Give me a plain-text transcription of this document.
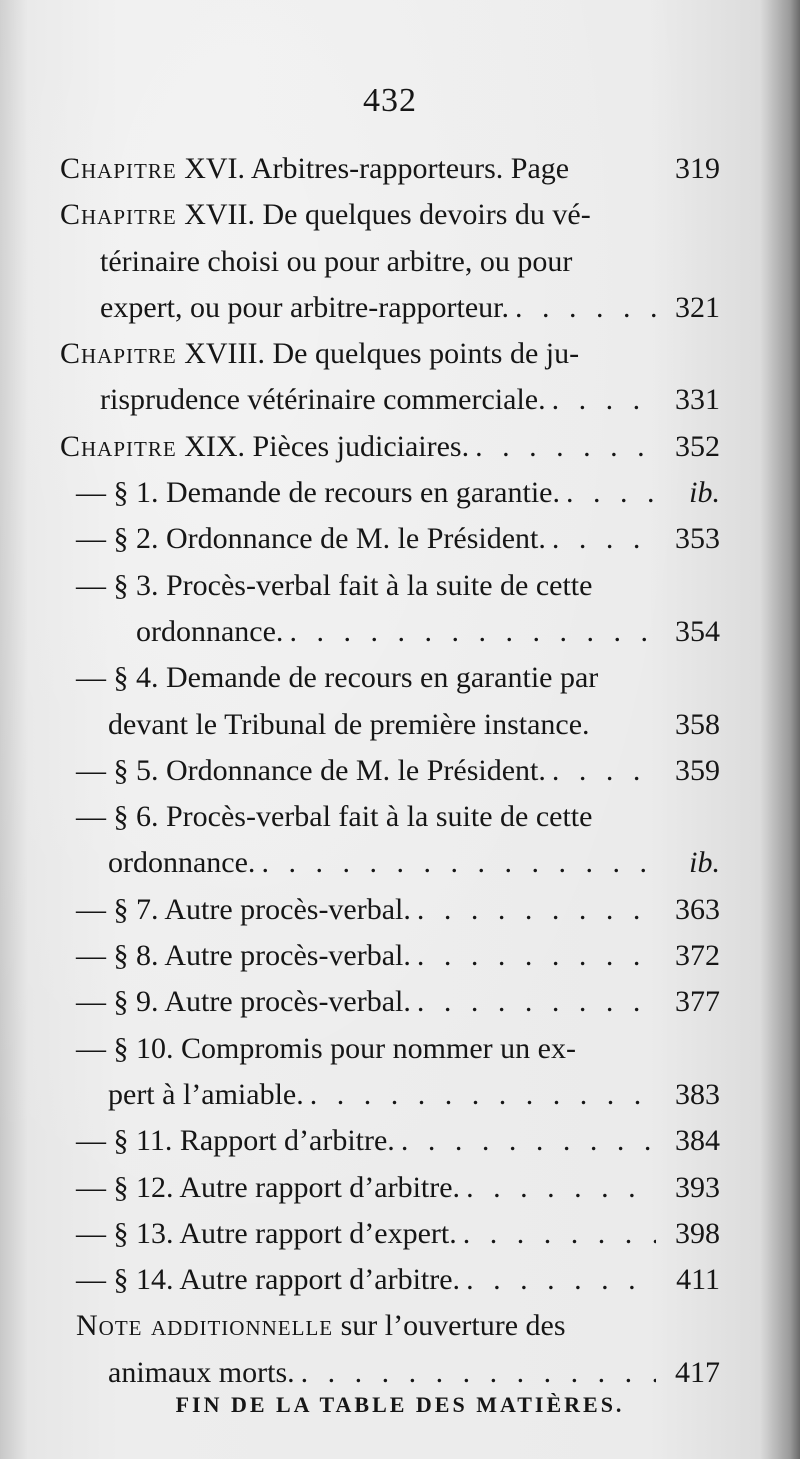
432
Chapitre XVI. Arbitres-rapporteurs. Page	319
Chapitre XVII. De quelques devoirs du vé-
térinaire choisi ou pour arbitre, ou pour
expert, ou pour arbitre-rapporteur. . . .	321
Chapitre XVIII. De quelques points de ju-
risprudence vétérinaire commerciale. . . .	331
Chapitre XIX. Pièces judiciaires. . . .	352
— § 1. Demande de recours en garantie. . . .	ib.
— § 2. Ordonnance de M. le Président. . . .	353
— § 3. Procès-verbal fait à la suite de cette
ordonnance. . . .	354
— § 4. Demande de recours en garantie par
devant le Tribunal de première instance.	358
— § 5. Ordonnance de M. le Président. . . .	359
— § 6. Procès-verbal fait à la suite de cette
ordonnance. . . .	ib.
— § 7. Autre procès-verbal. . . .	363
— § 8. Autre procès-verbal. . . .	372
— § 9. Autre procès-verbal. . . .	377
— § 10. Compromis pour nommer un ex-
pert à l’amiable. . . .	383
— § 11. Rapport d’arbitre. . . .	384
— § 12. Autre rapport d’arbitre. . . .	393
— § 13. Autre rapport d’expert. . . .	398
— § 14. Autre rapport d’arbitre. . . .	411
Note additionnelle sur l’ouverture des
animaux morts. . . .	417
FIN DE LA TABLE DES MATIÈRES.
